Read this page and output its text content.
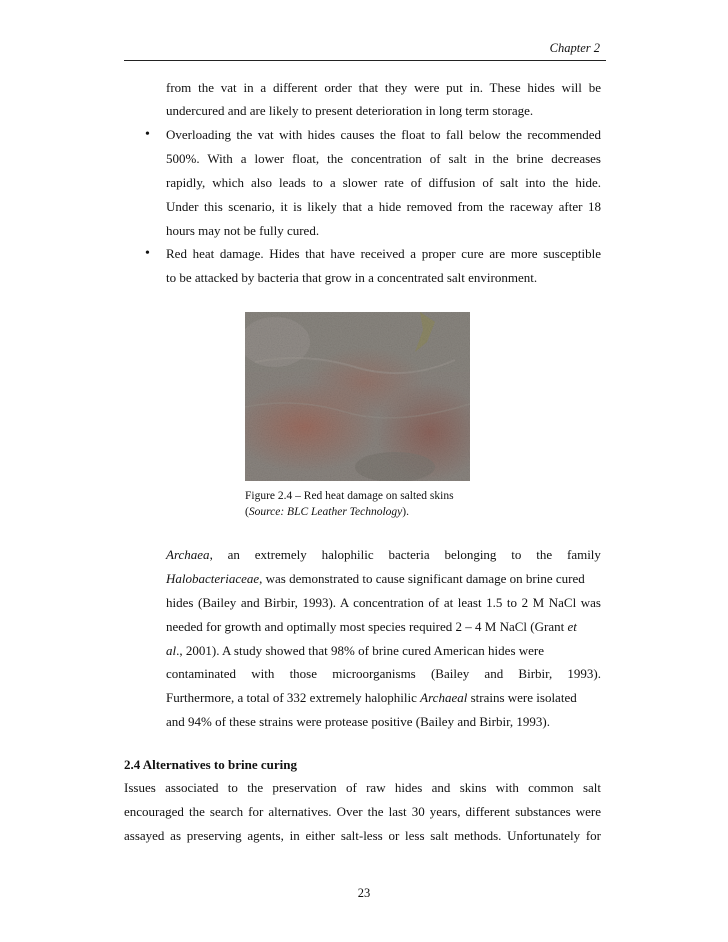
Chapter 2
from the vat in a different order that they were put in. These hides will be
undercured and are likely to present deterioration in long term storage.
• Overloading the vat with hides causes the float to fall below the recommended
500%. With a lower float, the concentration of salt in the brine decreases
rapidly, which also leads to a slower rate of diffusion of salt into the hide.
Under this scenario, it is likely that a hide removed from the raceway after 18
hours may not be fully cured.
• Red heat damage. Hides that have received a proper cure are more susceptible
to be attacked by bacteria that grow in a concentrated salt environment.
Figure 2.4 – Red heat damage on salted skins
(Source: BLC Leather Technology).
Archaea, an extremely halophilic bacteria belonging to the family
Halobacteriaceae, was demonstrated to cause significant damage on brine cured
hides (Bailey and Birbir, 1993). A concentration of at least 1.5 to 2 M NaCl was
needed for growth and optimally most species required 2 – 4 M NaCl (Grant et
al., 2001). A study showed that 98% of brine cured American hides were
contaminated with those microorganisms (Bailey and Birbir, 1993).
Furthermore, a total of 332 extremely halophilic Archaeal strains were isolated
and 94% of these strains were protease positive (Bailey and Birbir, 1993).
2.4 Alternatives to brine curing
Issues associated to the preservation of raw hides and skins with common salt
encouraged the search for alternatives. Over the last 30 years, different substances were
assayed as preserving agents, in either salt-less or less salt methods. Unfortunately for
23
